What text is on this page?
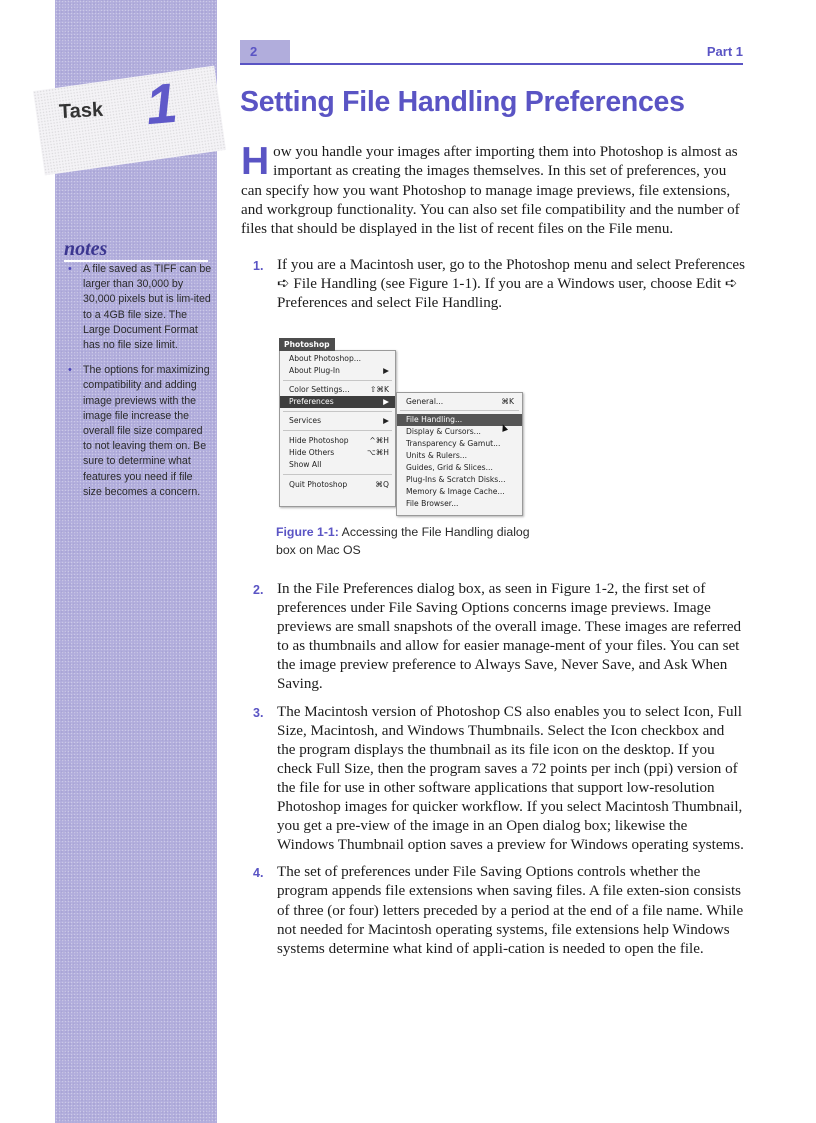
Task 1
notes
• A file saved as TIFF can be larger than 30,000 by 30,000 pixels but is lim-ited to a 4GB file size. The Large Document Format has no file size limit.
• The options for maximizing compatibility and adding image previews with the image file increase the overall file size compared to not leaving them on. Be sure to determine what features you need if file size becomes a concern.
2	Part 1
Setting File Handling Preferences

How you handle your images after importing them into Photoshop is almost as important as creating the images themselves. In this set of preferences, you can specify how you want Photoshop to manage image previews, file extensions, and workgroup functionality. You can also set file compatibility and the number of files that should be displayed in the list of recent files on the File menu.

1. If you are a Macintosh user, go to the Photoshop menu and select Preferences ➪ File Handling (see Figure 1-1). If you are a Windows user, choose Edit ➪ Preferences and select File Handling.
Photoshop
About Photoshop...
About Plug-In	▶
Color Settings...	⇧⌘K
Preferences	▶
Services	▶
Hide Photoshop	^⌘H
Hide Others	⌥⌘H
Show All
Quit Photoshop	⌘Q
General...	⌘K
File Handling...
Display & Cursors...
Transparency & Gamut...
Units & Rulers...
Guides, Grid & Slices...
Plug-Ins & Scratch Disks...
Memory & Image Cache...
File Browser...

Figure 1-1: Accessing the File Handling dialog box on Mac OS

2. In the File Preferences dialog box, as seen in Figure 1-2, the first set of preferences under File Saving Options concerns image previews. Image previews are small snapshots of the overall image. These images are referred to as thumbnails and allow for easier manage-ment of your files. You can set the image preview preference to Always Save, Never Save, and Ask When Saving.
3. The Macintosh version of Photoshop CS also enables you to select Icon, Full Size, Macintosh, and Windows Thumbnails. Select the Icon checkbox and the program displays the thumbnail as its file icon on the desktop. If you check Full Size, then the program saves a 72 points per inch (ppi) version of the file for use in other software applications that support low-resolution Photoshop images for quicker workflow. If you select Macintosh Thumbnail, you get a pre-view of the image in an Open dialog box; likewise the Windows Thumbnail option saves a preview for Windows operating systems.
4. The set of preferences under File Saving Options controls whether the program appends file extensions when saving files. A file exten-sion consists of three (or four) letters preceded by a period at the end of a file name. While not needed for Macintosh operating systems, file extensions help Windows systems determine what kind of appli-cation is needed to open the file.
